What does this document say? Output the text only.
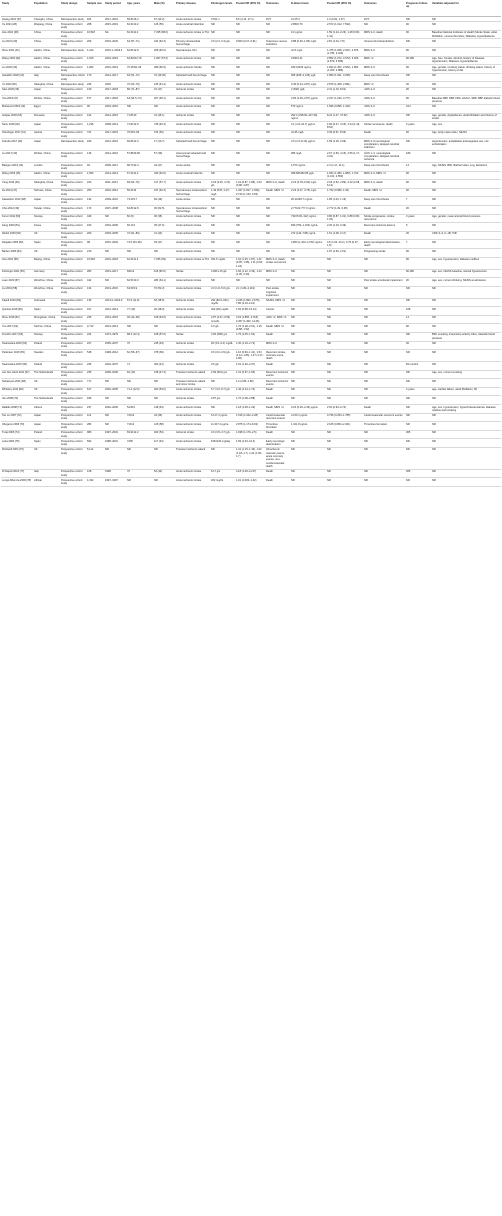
Study	Population	Study design	Sample size	Study period	Age, years	Male (%)	Primary disease	Fibrinogen levels	Pooled OR (95% CI)	Outcomes	D-dimer levels	Pooled OR (95% CI)	Outcomes	Prognosis follow-up	Variables adjusted for
Huang 2021 [37]	Chengdu, China	Retrospective study	181	2017–2019	66.8±16.2	67 (43.2)	Acute ischemic stroke	3.5±1.1	8.6 (4.14, 17.1)	DVT	3.1±5.3	1.3 (0.81, 1.47)	DVT	NR	NR
Xu 2021 [28]	Zhejiang, China	Prospective cohort study	268	2015–2019	64.3±10.2	126 (55)	Acute cerebral infarction	NR	NR	NR	2.85±0.76	2.573 (1.612, 7.594)	NR	90	NR
Hou 2021 [38]	China	Prospective cohort study	10,518	NA	62.3±11.4	7,335 (68.0)	Acute ischemic stroke or TIA	NR	NR	NR	0.2 μg/mL	1.59 (1.12–2.23), 1.28 (0.82, 1.41)	MRS 3–6, death	90	Baseline National Institutes of Health Stroke Scale, atrial fibrillation, venous thrombus, Diabetes, Hyperlipidemia
Liu 2021 [30]	China	Prospective cohort study	209	2019–2020	64 (57–71)	241 (62.3)	Primary intracerebral hemorrhage	3.0 (2.3, 3.4) g/L	0.500 (0.27–0.91)	Outcomes venous embolism	0.88 (0.46–1.83) mg/L	2.81 (1.04–7.8)	Venous thromboembolism	NR	NR
Zhou 2021 [31]	Harbin, China	Retrospective study	1,222	2016.1–2019.4	62.8±12.8	208 (62.6)	Spontaneous ICH	NR	NR	NR	≥0.5 mg/L	1.475 (1.068, 2.037), 2.876 (1.784, 3.429)	MRS 3–6	90	NR
Wang 2020 [32]	Harbin, China	Prospective cohort study	1,915	2016–2019	62.83±12.79	1,097 (57.6)	Acute ischemic stroke	NR	NR	NR	0.83±2.41	2.852 (1.072, 4.573), 3.306 (1.872, 5.836)	MRS >2	90,180	Age, Sex, Smoke, Alcohol, History of Disease Hypertension, Diabetes, Hyperlipidemia
Liu 2020 [33]	Harbin, China	Prospective cohort study	1,902	2016–2019	70.15±11.09	289 (60.9)	Acute ischemic Stroke	NR	NR	NR	183.4±229 ng/mL	1.824 (1.352, 2.662), 1.862 (1.203, 2.886)	MRS 3–6	90	Age, gender, smoking status, drinking status, history of hypertension, history of dia
Garaldini 2020 [10]	Italy	Retrospective cohort study	170	2014–2017	63 (51–72)	70 (49.30)	Subarachnoid hemorrhage	NR	NR	NR	965 (495–2,145) μg/L	1.850 (1.031, 3.335)	Deep vein thrombosis	NR	NR
Ye 2020 [35]	Shanghai, China	Retrospective study	236	2018	70 (62–79)	145 (61.4)	Acute ischemic stroke	NR	NR	NR	0.45 (0.24–0.87) mg/L	2.876 (1.408, 2.891)	MRS >2	30	NR
Sato 2020 [36]	Japan	Prospective cohort study	130	2017–2018	80 (71–87)	16 (47)	Ischemic stroke	NR	NR	NR	2 (833) pg/L	2.31 (1.19, 8.61)	mRS 3–6	90	NR
Yao 2019 [37]	Wuhan, China	Prospective cohort study	677	2017–2018	64 (54.5–72)	407 (60.1)	Acute ischemic stroke	NR	NR	NR	3.05 (2.45–3.57) μg/mL	2.227 (1.240, 3.777)	mRS 3–6	90	Baseline SBP, DBP, FBG, HbA1c, SBP, DBP diabetic blood pressure
Mohamed 2019 [12]	Egypt	Prospective cohort study	96	2015–2016	NR	NR	Acute ischemic stroke	NR	NR	NR	570 ng/mL	1.596 (0.895, 1.323)	mRS 3–6	24 h	NR
Hulpau 2018 [18]	Romania	Prospective cohort study	124	2014–2015	71.8±10	41 (46.1)	Ischemic stroke	NR	NR	NR	292.3 (238.00–237.39) ng/mL	8.24 (1.47, 47.62)	mRS 3–6	NR	Age, gender, dyslipidemia, atrial fibrillation and history of stroke
Nezu 2018 [40]	Japan	Prospective cohort study	1,236	2008–2014	71.8±12.9	745 (62.3)	Acute ischemic stroke	NR	NR	NR	4.1 (1.8–24.7) μg/mL	1.82 (0.47, 3.15), 2.24 (1.49, 8.52)	Stroke recurrence, death	3 years	Age, sex
Oberlinger 2017 [41]	Austria	Prospective cohort study	721	2017–2015	76.6±6–84	374 (52)	Acute ischemic stroke	NR	NR	NR	≥0.95 mg/L	0.39 (0.51, 8.03)	Death	60	Age, body mass index, NIHSS
Fukuda 2017 [42]	Japan	Retrospective study	182	2012–2015	60.8±12.3	17 (13.7)	Subarachnoid hemorrhage	NR	NR	NR	3.0 (1.5–8.10) μg/mL	1.59 (1.18, 2.09)	MRS 3–6 neurological complication, delayed cerebral infarction	NR	Hypertension, antiplatelet/ anticoagulant use, coil embolization
Liu 2017 [43]	Wuhan, China	Prospective cohort study	146	2014–2016	57.86±9.82	57 (39)	Aneurysmal subarachnoid hemorrhage	NR	NR	NR	286 mg/L	2.67 (1.65, 4.15), 2.56 (1.17, 3.22)	GOS 1–3, neurological complication, delayed cerebral ischemia	180	NR
Balogun 2016 [14]	London	Prospective cohort study	92	2009–2011	68.7±12.4	44 (47)	Acute stroke	NR	NR	NR	1,570 ng/mL	2.4 (1.17, 11.1)	Deep vein thrombosis	14	Age, NIHSS, BMI, Barthel index, Log, bacterium
Wang 2016 [15]	Harbin, China	Prospective cohort study	1,550	2014–2014	67.4±11.2	343 (62.6)	Acute cerebral infarctio	NR	NR	NR	289.68±282.86 μg/L	1.654 (1.380, 1.980), 1.722 (1.161, 2.553)	MRS 3–6, MRS >3	90	NR
Yang 2014 [46]	Shanghai, China	Prospective cohort study	220	2011–2013	69 (64–76)	127 (57.7)	Acute ischemic stroke	4.04 (3.45, 4.70) g/L	1.22 (0.87, 1.88), 1.63 (0.98, 2.87)	MRS 3–6, death	2.24 (3.78–9.62) mg/L	2.18 (1.52, 2.89), 2.22 (2.08, 6.13)	MRS 3–6, death	90	NR
Hu 2014 [47]	Sichuan, China	Prospective cohort study	250	2016–2012	55.4±14	167 (62.3)	Spontaneous intracerebral hemorrhage	1.49 (678, 4.27) mg/L	1.327 (1.817, 1.529), 2.720 (1.133, 6.53)	Death, MRS >2	2.23 (4.47, 3.75) mg/L	1.762 (0.589, 1.36)	Death, MRS >2	60	NR
Kawashiro 2012 [48]	Japan	Prospective cohort study	132	2009–2010	73.2±9.7	66 (49)	Acute stroke	NR	NR	NR	25.14±48.7 mg/mL	1.85 (1.03, 1.19)	Deep vein thrombosis	7	NR
Chiu 2012 [49]	Taiwan, China	Prospective cohort study	170	2007–2008	64.8±12.8	45 (62.5)	Spontaneous intracerebral hemorrhage	NR	NR	NR	2,774±2,777.0 ng/mL	2.772 (1.09, 6.48)	Death	30	NR
Kuruz 2011 [50]	Norway	Prospective cohort study	449	NR	82 (6)	30 (35)	Acute ischemic stroke	NR	NR	NR	733±72±1,412) ng/mL	0.86 (0.87, 1.01), 0.88 (0.80, 1.02)	Stroke progression, stroke recurrence	3 years	Age, gender, mean arterial blood pressure
Kang 2009 [51]	Korea	Prospective cohort study	153	2004–2006	66.1±2	35 (47.6)	Acute ischemic stroke	NR	NR	NR	830 (753–1,103) ng/mL	2.20 (1.19, 0.49)	Recurrent ischemic lesions	5	NR
Welsh 2009 [52]	UK	Prospective cohort study	200	2003–2005	72 (61–80)	41 (43)	Acute ischemic stroke	NR	NR	NR	272 (143–738) ng/mL	1.51 (1.08, 2.17)	Death	30	CRP, IL-6, IL-1B, TNF
Delgado 2006 [53]	Spain	Prospective cohort study	98	2007–2004	74.5 (63–82)	63 (47)	Acute ischemic stroke	NR	NR	NR	2,803 (1,100–4,703) ng/mL	4.5 (1.02, 20.2), 0.75 (0.37, 1.5)	Early neurological deterioration, death	7	NR
Barber 2006 [54]	UK	Prospective cohort study	210	NR	NR	NR	Acute ischemic stroke	NR	NR	NR	NR	1.87 (1.39, 2.51)	Progressing stroke	90	NR
Hou 2021 [55]	Beijing, China	Prospective cohort study	10,518	2015–2018	62.3±11.4	7,335 (69)	Acute ischemic stroke or TIA	451.5 mg/dL	1.62 (1.25, 1.87), 1.22 (0.95, 1.58), 1.11 (0.90, 1.24)	MRS 3–6, death, stroke recurrence	NR	NR	NR	90	Age, sex, hypertension, diabetes mellitus
Kristinger 2021 [56]	Germany	Prospective cohort study	283	2013–2017	69±12	118 (50.0)	Stroke	4.06±1.15 g/L	1.66 (1.12, 2.36), 1.23 (1.05, 2.29)	MRS 3–6	NR	NR	NR	90,180	Age, sex, NIHSS baseline, arterial hypertension
Luan 2020 [57]	Wenzhou, China	Prospective cohort study	442	NR	62.5±10.3	284 (64.1)	Acute ischemic stroke	NR	NR	NR	NR	NR	Post stroke emotional impairment	30	Age, sex, current drinking, NIHSS at admission
Liu 2019 [58]	Wenzhou, China	Prospective cohort study	134	2013–2015	64.6±9.9	70 (52.2)	Acute ischemic stroke	3.3 (1.6–5.0) g/L	2.1 (1.82–2.119)	Post stroke cognitive impairment	NR	NR	NR	NR	NR
Kapidi 2019 [59]	Indonesia	Prospective cohort study	135	2013.2–2013.9	57.9 (11.9)	52 (38.5)	Ischemic stroke	292 (82.6–631) mg/dL	2.226 (1.893, 2.675), 7.80 (4.16–11.9)	NIHSS, MRS >3	NR	NR	NR	NR	NR
Quintas 2018 [60]	Spain	Prospective cohort study	917	2012–2014	77 (13)	20 (48.0)	Ischemic stroke	462 (99) mg/dL	1.55 (0.98–15.14)	Cancer	NR	NR	NR	168	NR
Zhou 2018 [61]	Zhongshan, China	Prospective cohort study	235	2013–2015	46 (43–48)	108 (63.6)	Acute ischemic stroke	2.87 (2.07–3.59) mmol/L	2.63 (1.856, 3.718), 2.467 (1.460, 4.126)	mRS >2, MRS >3	NR	NR	NR	14	NR
You 2017 [62]	Suzhou, China	Prospective cohort study	2,712	2013–2014	NR	NR	Acute ischemic stroke	4.0 g/L	1.76 (1.18–2.61), 1.15 (0.88, 1.52)	Death, MRS >2	NR	NR	NR	90	NR
Frerichs 2017 [63]	Norway	Prospective cohort study	224	1974–1979	68.3 (12.4)	108 (57.0)	Stroke	3.06 (695) g/L	1.76 (1.05–1.51)	Death	NR	NR	NR	NR	BMI, smoking, Francshop activity index, diastolic blood pressure
Swarowska 2016 [64]	Poland	Prospective cohort study	227	2005–2007	70	245 (49)	Ischemic stroke	20 (3.5–2.4) mg/dL	1.30 (1.19–2.72)	MRS 3–6	NR	NR	NR	30	NR
Pedersen 2016 [65]	Sweden	Prospective cohort study	548	1998–2012	62 (56–67)	378 (69)	Ischemic stroke	3.6 (3.0–3.9) g/L	1.10 (0.90–1.41), 1.54 (1.12–1.86), 1.47 (1.17–1.86)	Recurrent stroke, coronary event, death	NR	NR	NR	NR	NR
Swarowska 2015 [66]	Poland	Prospective cohort study	236	2004–2007	71	302 (41)	Ischemic stroke	3.5 g/L	1.62 (1.29–2.07)	Death	NR	NR	NR	84 months	NR
van den Herik 2011 [67]	The Netherlands	Prospective cohort study	235	2005–2006	62 (13)	168 (47.4)	Transient ischemic attack	2.69 (616) g/L	1.31 (0.97–1.56)	Recurrent ischemic events	NR	NR	NR	NR	Age, sex, current smoking
Sebastyan 2011 [68]	UK	Prospective cohort study	771	NR	NR	NR	Transient ischemic attack and minor stroke	NR	1.2 (0.86–1.80)	Recurrent ischemic events	NR	NR	NR	NR	NR
Whiteley 2011 [69]	UK	Prospective cohort study	617	2002–2005	71.4 (12.6)	462 (53.0)	Acute ischemic stroke	5.7 (3.0–5.7) g/L	1.46 (1.24–1.72)	Death	NR	NR	NR	4 years	age, cardiac failure, atrial fibrillation, MI
Van 2008 [70]	The Netherlands	Prospective cohort study	189	NR	NR	NR	Ischemic stroke	2.87 g/L	1.76 (1.08–2.88)	Death	NR	NR	NR	NR	NR
Rallidis 2008 [71]	Athens	Prospective cohort study	237	2002–2006	54.8±2	148 (64)	Acute ischemic stroke	NR	1.18 (1.08–1.29)	Death, MRS >2	0.24 (0.45–2.45) μg/mL	2.52 (0.93–6.74)	Death	NR	Age, sex, hypertension, hypercholesterolemia, diabetes mellitus and smoking
Tan on 2007 [72]	Japan	Prospective cohort study	113	NR	72±14	43 (36)	Acute ischemic stroke	6.1±7.2 μg/mL	1.516 (1.042–2.28)	Cerebrovascular recurrent events	4.2±3.1 μg/mL	0.736 (0.253–1.785)	Cerebrovascular recurrent events	NR	NR
Olivgenis 2006 [73]	Japan	Prospective cohort study	284	NR	71±12	126 (58)	Acute ischemic stroke	11.3±7.2 μg/mL	2.875 (1.174–8.03)	Thrombus formation	1.4±1.8 μg/mL	2.105 (0.863–2.461)	Thrombus formation	NR	NR
Turaj 2006 [74]	Poland	Prospective cohort study	980	1997–2001	69.9±12.2	403 (53)	Ischemic stroke	3.0 (3.5–3.7) g/L	1.638 (1.176–2.5)	Death	NR	NR	NR	365	NR
Leira 2004 [75]	Spain	Prospective cohort study	592	1998–2001	72±8	117 (44)	Acute ischemic stroke	516±126 mg/day	1.59 (1.03–16.2)	Early neurologic deterioration	NR	NR	NR	NR	NR
Rothwell 2004 [76]	UK	Prospective cohort study	5,112	NR	NR	NR	Transient ischemic attack	NR	1.31 (1.15–1.49), 1.62 (1.18–1.7), 1.24 (1.05–1.7)	All ischemic vascular events, acute coronary events, non-cerebrovascular death	NR	NR	NR	NR	NR
Di Napoli 2001 [77]	Italy	Prospective cohort study	128	1998	70	52 (42)	Acute ischemic stroke	6.17 g/L	4.18 (1.46–11.97)	Death	NR	NR	NR	365	NR
Longo-Mbenza 2000 [78]	African	Prospective cohort study	1,332	1997–1997	NR	NR	Acute ischemic stroke	403 mg/dL	1.01 (1.003–1.02)	Death	NR	NR	NR	NR	NR
